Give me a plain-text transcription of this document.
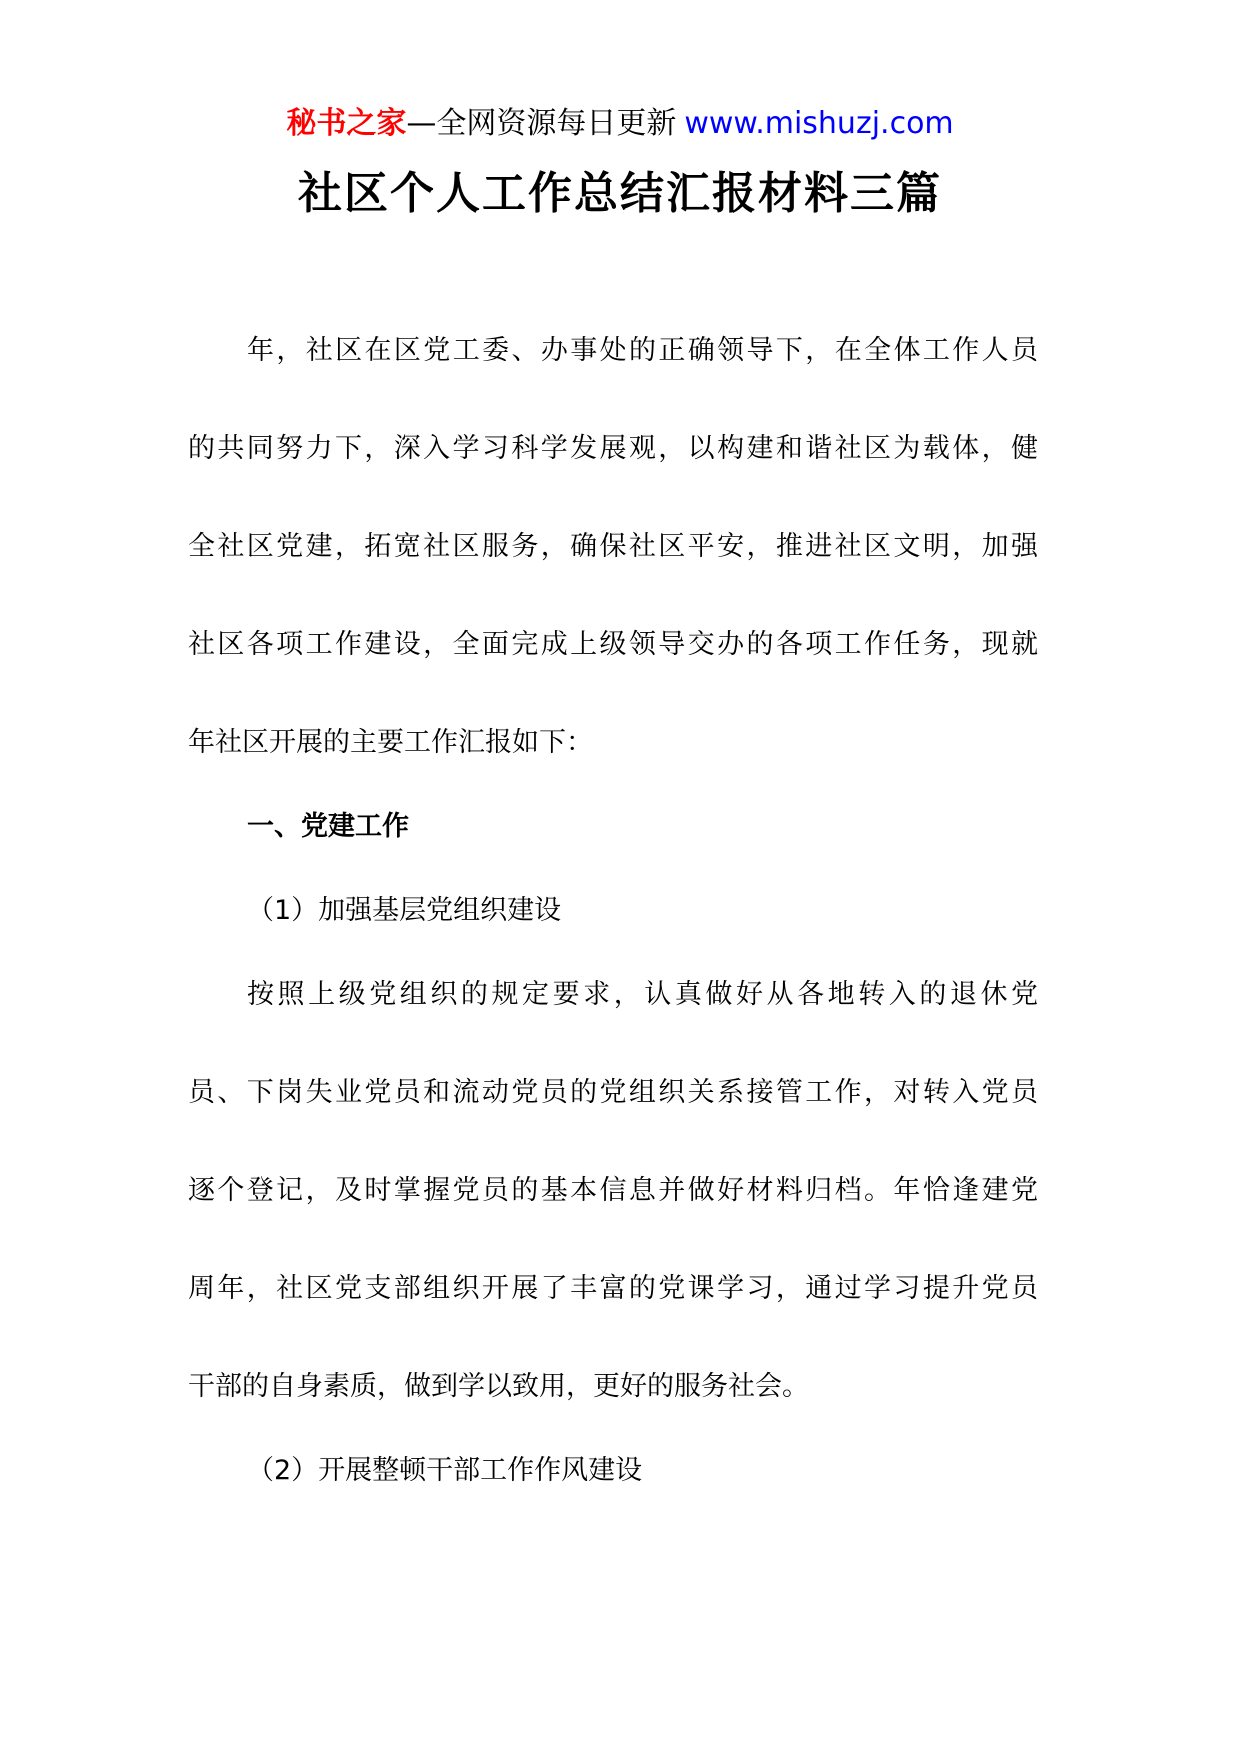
秘书之家—全网资源每日更新 www.mishuzj.com
社区个人工作总结汇报材料三篇
年，社区在区党工委、办事处的正确领导下，在全体工作人员
的共同努力下，深入学习科学发展观，以构建和谐社区为载体，健
全社区党建，拓宽社区服务，确保社区平安，推进社区文明，加强
社区各项工作建设，全面完成上级领导交办的各项工作任务，现就
年社区开展的主要工作汇报如下：
一、党建工作
（1）加强基层党组织建设
按照上级党组织的规定要求，认真做好从各地转入的退休党
员、下岗失业党员和流动党员的党组织关系接管工作，对转入党员
逐个登记，及时掌握党员的基本信息并做好材料归档。年恰逢建党
周年，社区党支部组织开展了丰富的党课学习，通过学习提升党员
干部的自身素质，做到学以致用，更好的服务社会。
（2）开展整顿干部工作作风建设
